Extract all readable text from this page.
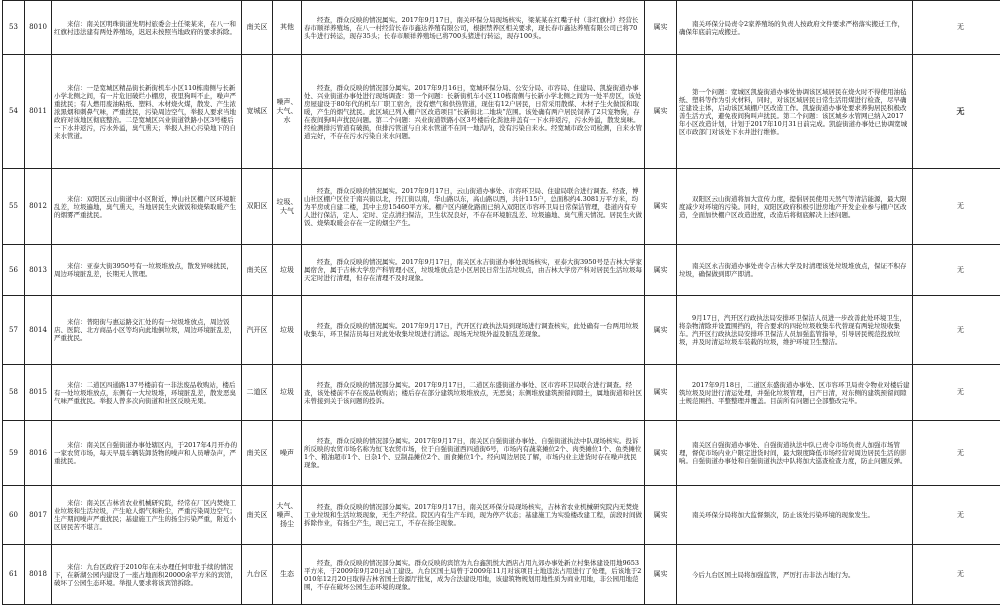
53	8010	来信：南关区明珠街道先明村旅委会土任梁某来，在八一和红旗村违法建有两处养殖场，迟迟未按照当地政府的要求拆除。	南关区	其他	经查，群众反映的情况属实。2017年9月17日，南关环保分局现场核实，梁某某在红嘴子村（非红旗村）经营长春市顺祥养殖场，在八一村经营长春市鑫达养殖有限公司，根据禁养区相关要求，现长春市鑫达养殖有限公司已将70头牛进行转运，现存35头；长春市顺祥养殖场已将700头猪进行转运，现存100头。	属实	南关环保分局责令2家养殖场的负责人按政府文件要求严格落实搬迁工作，确保年底前完成搬迁。	无
54	8011	来信：一是宽城区精品街长新街机车小区110栋南侧与长新小学北侧之间，有一片危旧破烂小棚房，夜里狗叫不止，噪声严重扰民；有人燃用废油粘纸、塑料、木材烧火煤，散发、产生浓浓黑烟和刺鼻气味，严重扰民，污染周边空气，举报人要求当地政府对该地区彻底整治。二是宽城区兴业街道铁路小区3号楼后一下水井返污，污水外溢，臭气熏天；举报人担心污染地下的自来水管道。	宽城区	噪声、大气、水	经查，群众反映的情况部分属实。2017年9月16日，宽城环保分局、公安分局、市容局、住建局、凯旋街道办事处、兴业街道办事处进行现场调查：第一个问题：长新街机车小区110栋南侧与长新小学北侧之间为一处平房区，该处房屋建设于80年代的机车厂职工宿舍，没有燃气和供热管道，现住有12户居民，日常采用散煤、木材子生火做饭和取暖，产生的烟气扰民。此区域已列入棚户区改造项目“长新街北二地块”范围。该处确有两户居民饲养了2只宠物狗，存在夜间狗叫声扰民问题。第二个问题：兴业街道铁路小区3号楼后化粪池井盖有一下水井返污，污水外溢，散发臭味。经检测排污管道有破损，但排污管道与自来水管道不在同一地沟内，没有污染自来水。经宽城市政公司检测，自来水管道完好，不存在污水污染自来水问题。	属实	第一个问题：宽城区凯旋街道办事处协调该区域居民在烧火时不得使用油毡纸、塑料等作为引火材料，同时，对该区域居民日常生活用煤进行检查，尽早确定建设主体，启动该区域棚户区改造工作。凯旋街道办事处要求养狗居民积极改善生活方式，避免夜间狗叫声扰民。第二个问题：该区城乡水管网已纳入2017年小区改造计划，计划于2017年10月31日前完成。凯旋街道办事处已协调宽城区市政部门对该处下水井进行维修。	无
55	8012	来信：双阳区云山街道中小区附近，博山社区棚户区环境脏乱差，垃圾遍地，臭气熏天，当地居民生火做饭和烧柴取暖产生的烟雾严重扰民。	双阳区	垃圾、大气	经查，群众反映的情况属实。2017年9月17日，云山街道办事处、市容环卫局、住建局联合进行调查。经查，博山社区棚户区位于南兴街以北，丹江街以南，华山路以东，高山路以西，共计115户，总面积约4.3081万平方米，均为平房或自建二楼，其中主房15460平方米。棚户区内硬化路面已纳入双阳区市容环卫局日常保洁管理，巷道内有专人进行保洁，定人、定时、定点清扫保洁，卫生状况良好，不存在环境脏乱差、垃圾遍地、臭气熏天情况。居民生火做饭、烧柴取暖会存在一定的烟尘产生。	属实	双阳区云山街道将加大宣传力度，提倡居民使用天然气等清洁能源，最大限度减少对环境的污染。同时，双阳区政府积极引进房地产开发企业参与棚户区改造，全面加快棚户区改造进度，改造后将彻底解决上述问题。	无
56	8013	来信：亚泰大街3950号有一垃圾堆放点，散发异味扰民，周边环境脏乱差，长期无人管理。	南关区	垃圾	经查，群众反映的情况属实。2017年9月17日，南关区永吉街道办事处现场核实，亚泰大街3950号是吉林大学家属宿舍，属于吉林大学房产科管理小区，垃圾堆放点是小区居民日常生活垃圾点，由吉林大学房产科对居民生活垃圾每天定时进行清理，但存在清理不及时现象。	属实	南关区永吉街道办事处责令吉林大学及时清理该处垃圾堆放点，保证不积存垃圾，确保做到即产即清。	无
57	8014	来信：普阳街与惠运路交汇处的有一垃圾堆放点，周边饭店、医院、北方商品小区等均向此地倒垃圾，周边环境脏乱差，严重扰民。	汽开区	垃圾	经查，群众反映的情况属实。2017年9月17日，汽开区行政执法局到现场进行调查核实，此处确有一台两用垃圾收集车，环卫保洁员每日对此处收集垃圾进行清运。现场无垃圾外溢及脏乱差现象。	属实	9月17日，汽开区行政执法局安排环卫保洁人员进一步改善此处环境卫生，将杂物清除并设置围挡的，符合要求的四轮垃圾收集车代替现有两轮垃圾收集车。汽开区行政执法局安排环卫保洁人员加强监管指导，引导居民规范投放垃圾，并及时清运垃圾车装载的垃圾，维护环境卫生整洁。	无
58	8015	来信：二道区四通路137号楼前有一非法废品收购站，楼后有一处垃圾堆放点，东侧有一大垃圾堆，环境脏乱差，散发恶臭气味严重扰民。举报人曾多次向街道和社区反映无果。	二道区	垃圾	经查，群众反映的情况部分属实。2017年9月17日，二道区东盛街道办事处、区市容环卫局联合进行调查。经查，该处楼前不存在废品收购站；楼后存在部分建筑垃圾堆放点，无恶臭；东侧堆放建筑预留间隙土，属地街道和社区未曾接到关于该问题的投诉。	属实	2017年9月18日，二道区东盛街道办事处、区市容环卫局责令物业对楼后建筑垃圾及时进行清运处理，并强化垃圾管理，日产日清，对东侧的建筑预留间隙土规范围挡、平整整理并覆盖。目前所有问题已全部整改完毕。	无
59	8016	来信：南关区自强街道办事处辖区内，于2017年4月开办的一家农贸市场，每天早晨车辆装卸货物的噪声和人员嘈杂声，严重扰民。	南关区	噪声	经查，群众反映的情况部分属实。2017年9月17日，南关区自强街道办事处、自强街道执法中队现场核实。投诉所反映的农贸市场名称为恒飞农贸市场，位于自强街道西四道街6号，市场内有蔬菜摊位2个、肉类摊位1个、鱼类摊位1个、粮油超市1个、日杂1个、豆制品摊位2个、面食摊位1个。经向周边居民了解，市场内业主进货时存在噪声扰民现象。	属实	南关区自强街道办事处、自强街道执法中队已责令市场负责人加强市场管理，督促市场内业户限定进货时间，最大限度降低市场经营对周边居民生活的影响。自强街道办事处和自强街道执法中队将加大巡查检查力度，防止问题反弹。	无
60	8017	来信：南关区吉林省农业机械研究院，经常在厂区内焚烧工业垃圾和生活垃圾，产生呛人烟气和粉尘，严重污染周边空气；生产期间噪声严重扰民；基建施工产生的扬尘污染严重，附近小区居民苦不堪言。	南关区	大气、噪声、扬尘	经查，群众反映的情况部分属实。2017年9月17日，南关区环保分局现场核实，吉林省农业机械研究院内无焚烧工业垃圾和生活垃圾现象，无生产经营。院区内有生产车间，现为停产状态；基建施工为实验楼改建工程，前段时间做拆除作业，有扬尘产生，现已完工，不存在扬尘现象。	属实	南关环保分局将加大监督频次，防止该处污染环境的现象发生。	无
61	8018	来信：九台区政府于2010年在未办理任何审批手续的情况下，在新湖公园内建设了一座占地面积20000余平方米的宾馆，破坏了公园生态环境。举报人要求将该宾馆拆除。	九台区	生态	经查，群众反映的情况部分属实。群众反映的宾馆为九台鑫凯悦大酒店占用九郊办事处新立村集体建设用地9653平方米，于2009年9月20日动工建设。九台区国土局曾于2009年11月对该项目土地违法占用进行了处理，后该地于2010年12月20日取得吉林省国土资源厅批复，成为合法建设用地，该建筑物规划用地性质为商业用地，非公园用地范围，不存在破坏公园生态环境的现象。	属实	今后九台区国土局将加强监管，严厉打击非法占地行为。	无
